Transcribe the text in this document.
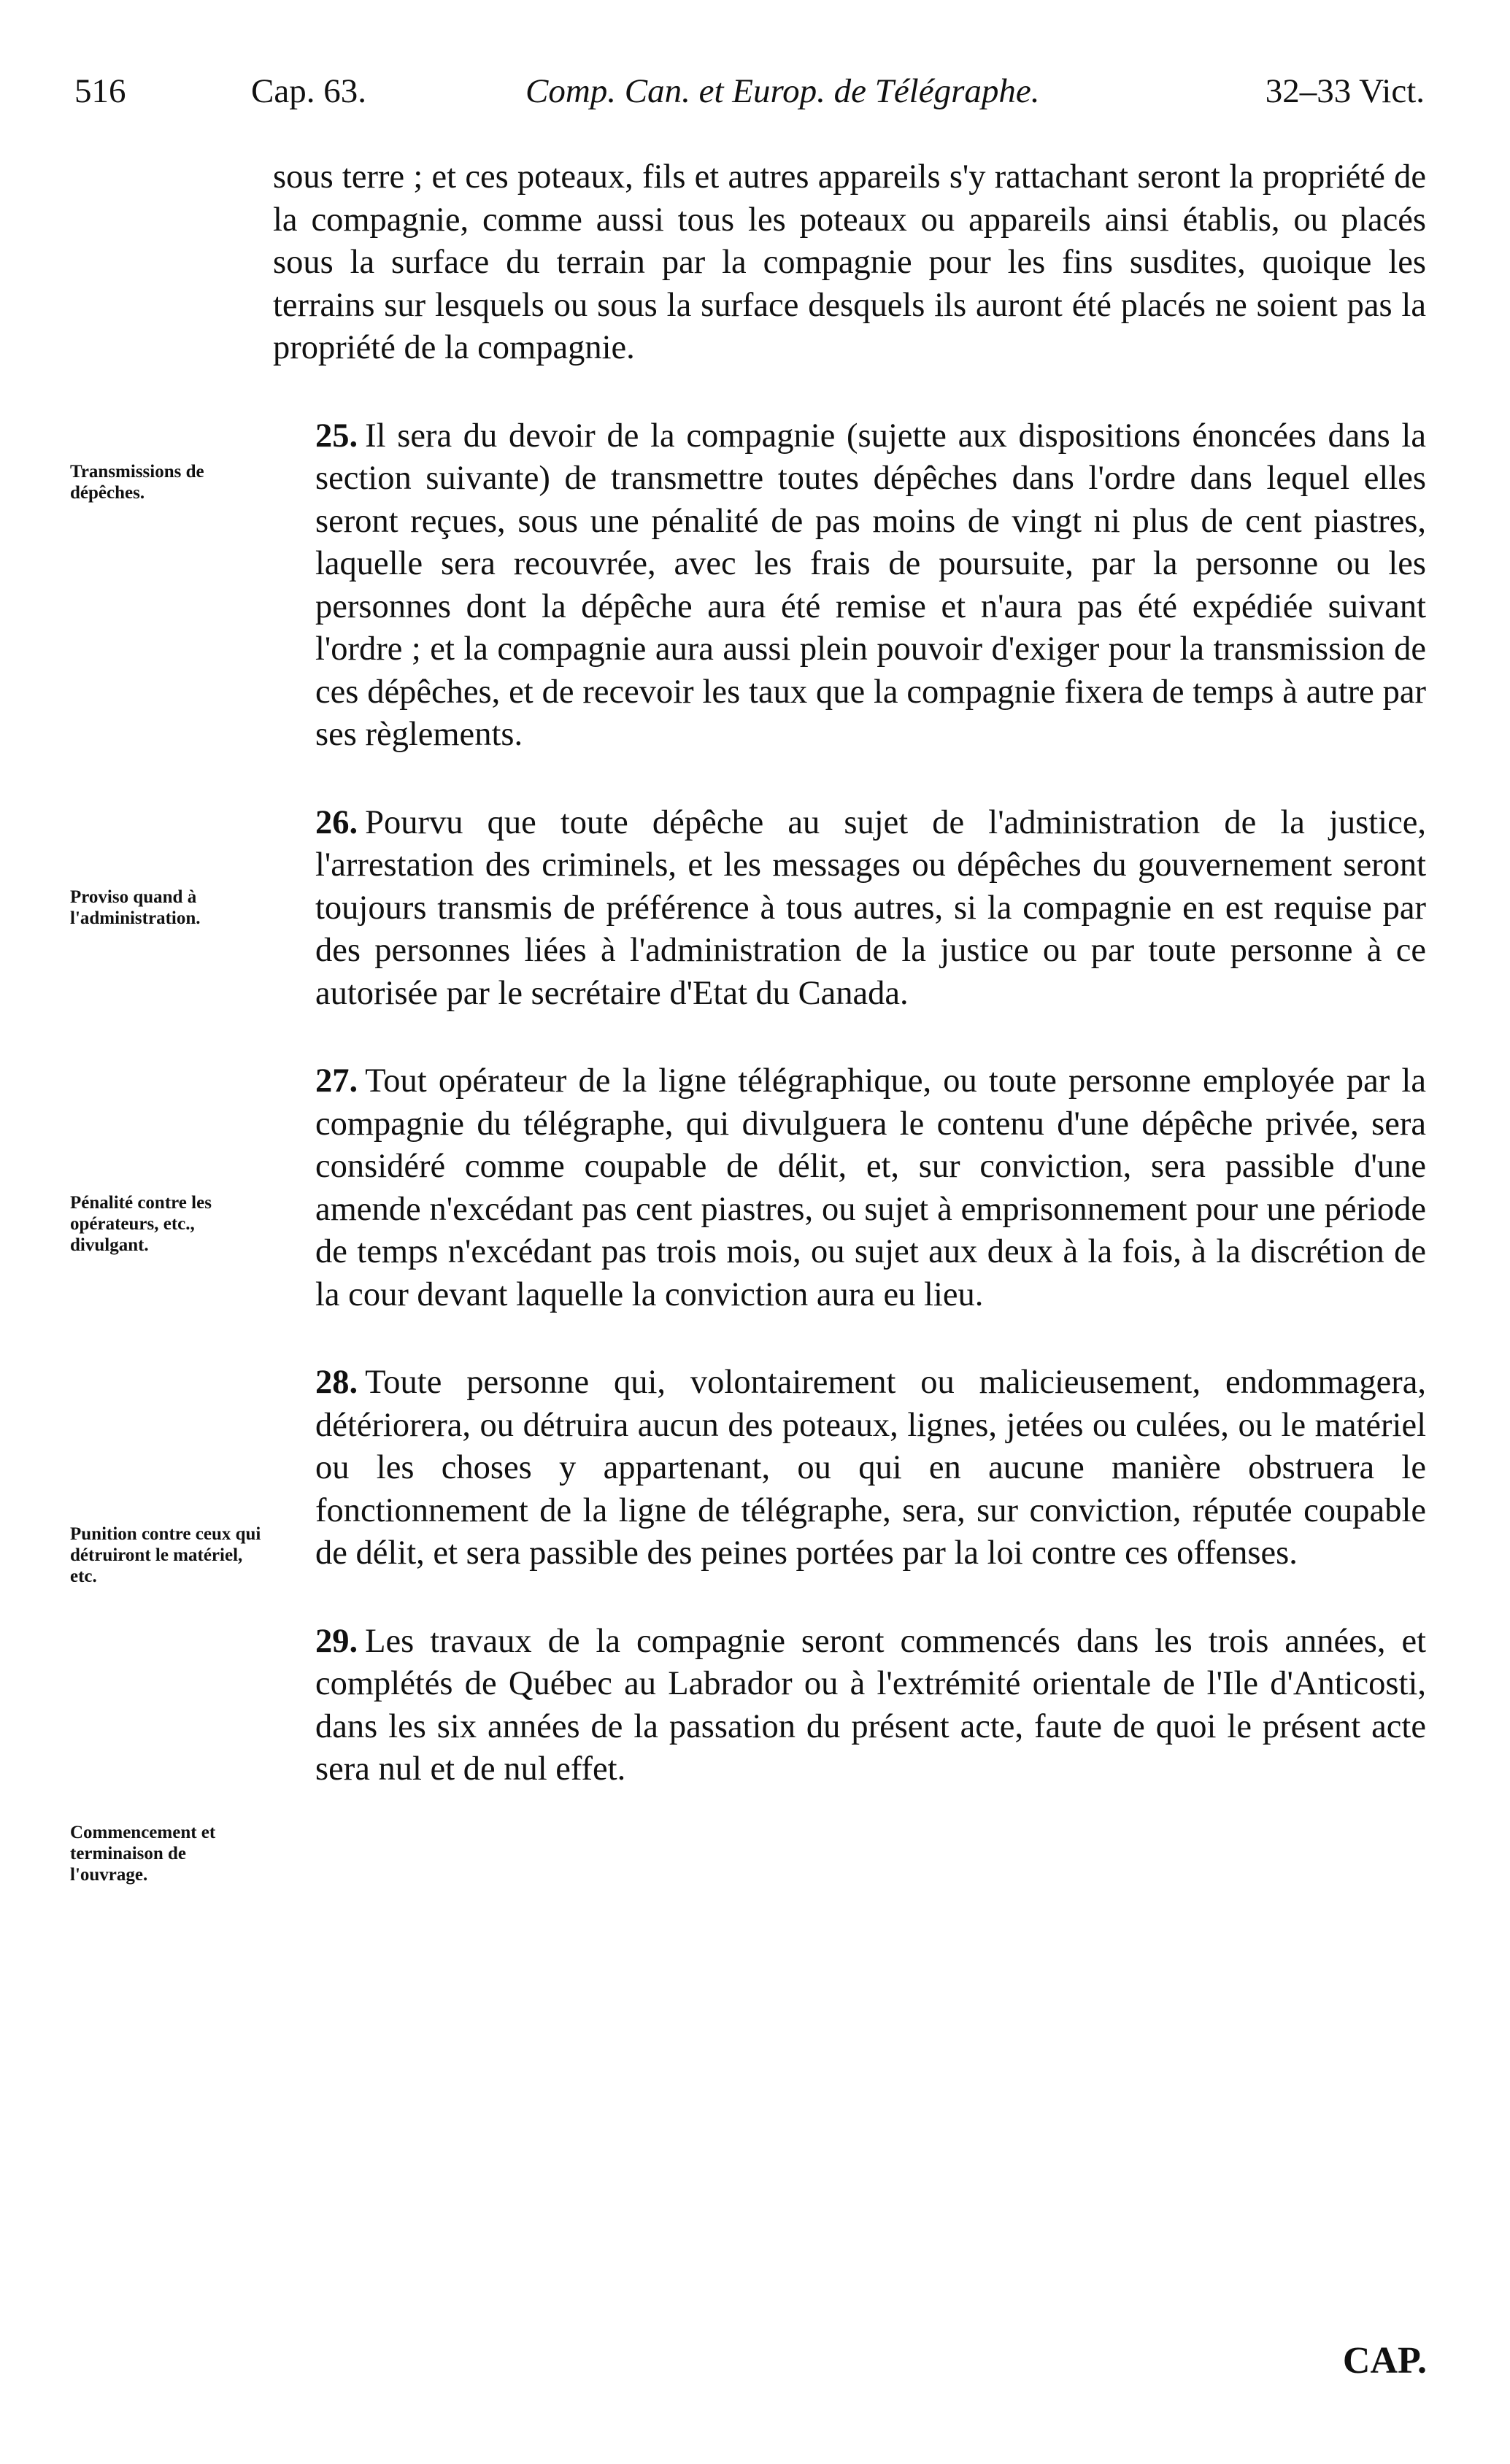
516	Cap. 63.	Comp. Can. et Europ. de Télégraphe.	32–33 Vict.
Transmissions de dépêches.
Proviso quand à l'administration.
Pénalité contre les opérateurs, etc., divulgant.
Punition contre ceux qui détruiront le matériel, etc.
Commencement et terminaison de l'ouvrage.

sous terre ; et ces poteaux, fils et autres appareils s'y rattachant seront la propriété de la compagnie, comme aussi tous les poteaux ou appareils ainsi établis, ou placés sous la surface du terrain par la compagnie pour les fins susdites, quoique les terrains sur lesquels ou sous la surface desquels ils auront été placés ne soient pas la propriété de la compagnie.

25. Il sera du devoir de la compagnie (sujette aux dispositions énoncées dans la section suivante) de transmettre toutes dépêches dans l'ordre dans lequel elles seront reçues, sous une pénalité de pas moins de vingt ni plus de cent piastres, laquelle sera recouvrée, avec les frais de poursuite, par la personne ou les personnes dont la dépêche aura été remise et n'aura pas été expédiée suivant l'ordre ; et la compagnie aura aussi plein pouvoir d'exiger pour la transmission de ces dépêches, et de recevoir les taux que la compagnie fixera de temps à autre par ses règlements.

26. Pourvu que toute dépêche au sujet de l'administration de la justice, l'arrestation des criminels, et les messages ou dépêches du gouvernement seront toujours transmis de préférence à tous autres, si la compagnie en est requise par des personnes liées à l'administration de la justice ou par toute personne à ce autorisée par le secrétaire d'Etat du Canada.

27. Tout opérateur de la ligne télégraphique, ou toute personne employée par la compagnie du télégraphe, qui divulguera le contenu d'une dépêche privée, sera considéré comme coupable de délit, et, sur conviction, sera passible d'une amende n'excédant pas cent piastres, ou sujet à emprisonnement pour une période de temps n'excédant pas trois mois, ou sujet aux deux à la fois, à la discrétion de la cour devant laquelle la conviction aura eu lieu.

28. Toute personne qui, volontairement ou malicieusement, endommagera, détériorera, ou détruira aucun des poteaux, lignes, jetées ou culées, ou le matériel ou les choses y appartenant, ou qui en aucune manière obstruera le fonctionnement de la ligne de télégraphe, sera, sur conviction, réputée coupable de délit, et sera passible des peines portées par la loi contre ces offenses.

29. Les travaux de la compagnie seront commencés dans les trois années, et complétés de Québec au Labrador ou à l'extrémité orientale de l'Ile d'Anticosti, dans les six années de la passation du présent acte, faute de quoi le présent acte sera nul et de nul effet.

CAP.
